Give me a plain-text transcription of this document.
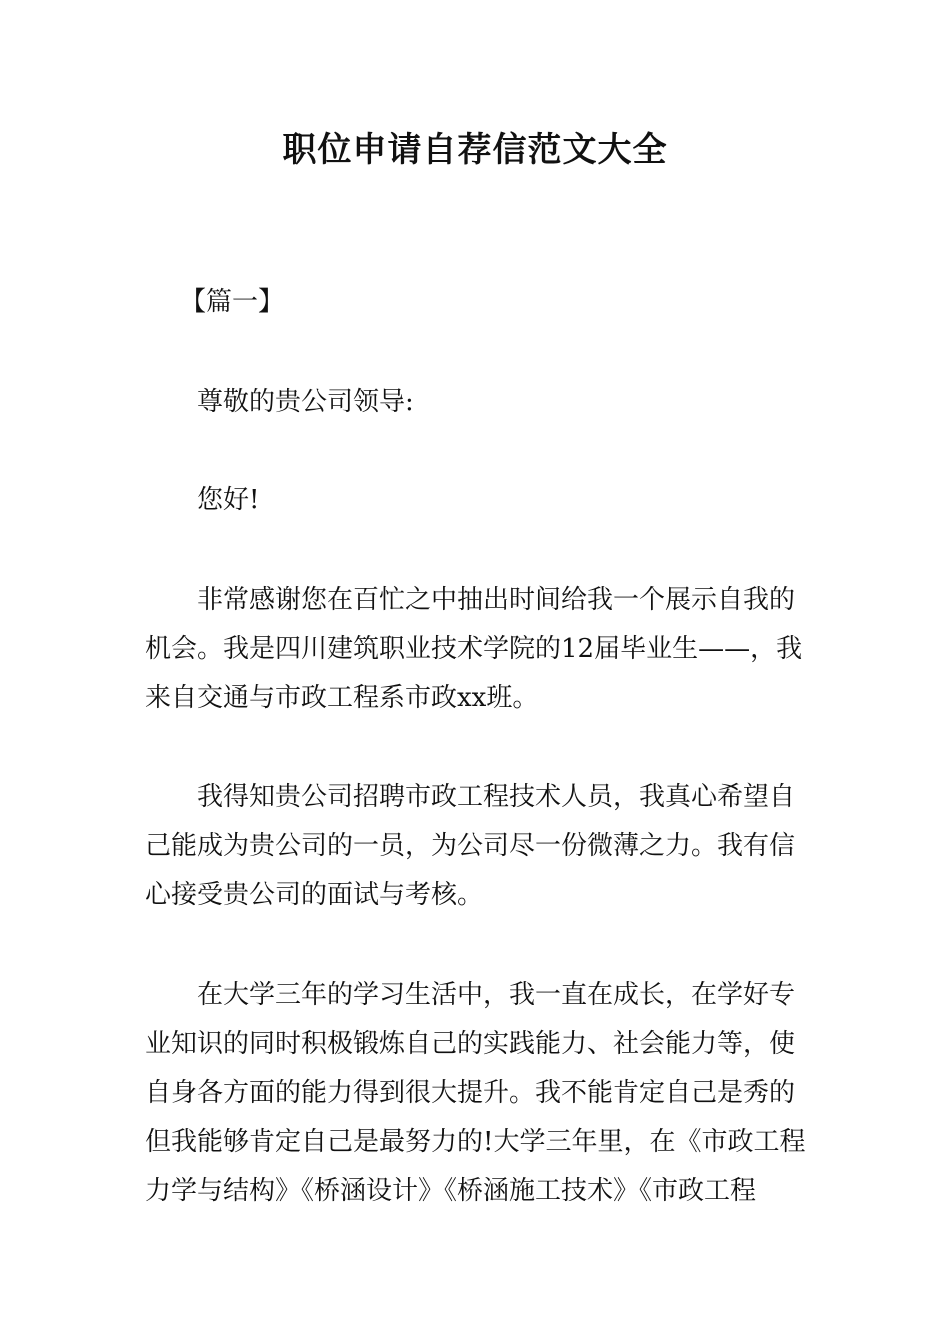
职位申请自荐信范文大全

【篇一】

尊敬的贵公司领导:

您好!

非常感谢您在百忙之中抽出时间给我一个展示自我的

机会。我是四川建筑职业技术学院的12届毕业生——，我

来自交通与市政工程系市政xx班。

我得知贵公司招聘市政工程技术人员，我真心希望自

己能成为贵公司的一员，为公司尽一份微薄之力。我有信

心接受贵公司的面试与考核。

在大学三年的学习生活中，我一直在成长，在学好专

业知识的同时积极锻炼自己的实践能力、社会能力等，使

自身各方面的能力得到很大提升。我不能肯定自己是秀的

但我能够肯定自己是最努力的!大学三年里，在《市政工程

力学与结构》《桥涵设计》《桥涵施工技术》《市政工程
